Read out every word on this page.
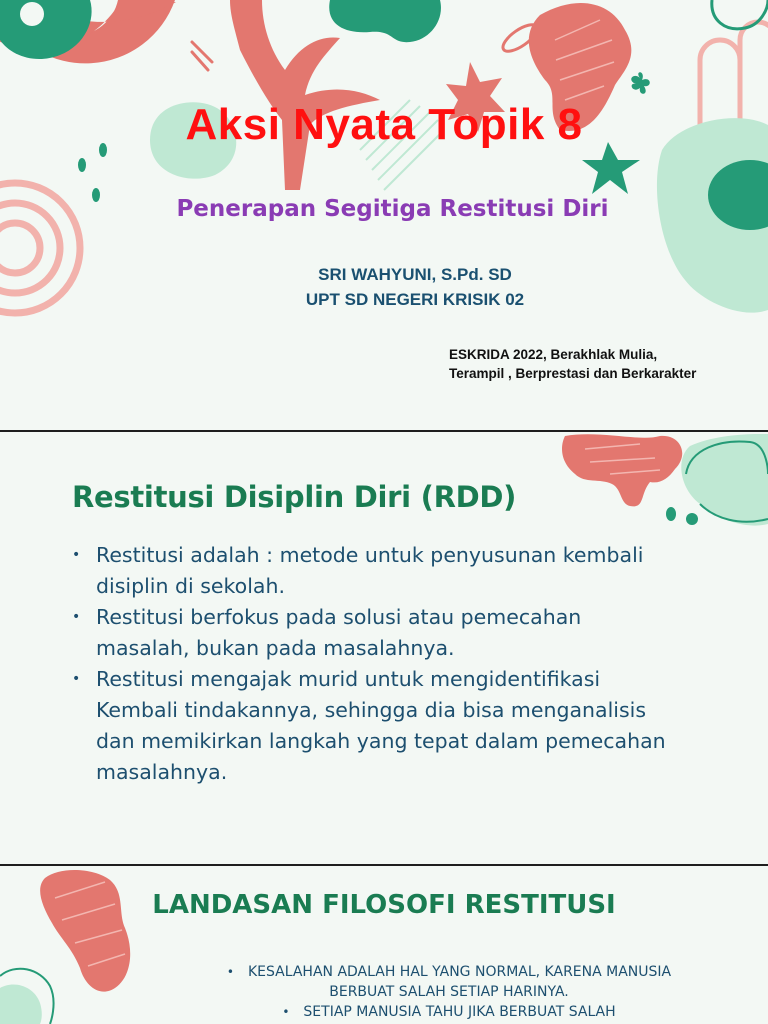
Aksi Nyata Topik 8
Penerapan Segitiga Restitusi Diri

SRI WAHYUNI, S.Pd. SD

UPT SD NEGERI KRISIK 02

ESKRIDA 2022, Berakhlak Mulia,
Terampil , Berprestasi dan Berkarakter
Restitusi Disiplin Diri (RDD)
• Restitusi adalah : metode untuk penyusunan kembali
disiplin di sekolah.
• Restitusi berfokus pada solusi atau pemecahan
masalah, bukan pada masalahnya.
• Restitusi mengajak murid untuk mengidentifikasi
Kembali tindakannya, sehingga dia bisa menganalisis
dan memikirkan langkah yang tepat dalam pemecahan
masalahnya.
LANDASAN FILOSOFI RESTITUSI
• KESALAHAN ADALAH HAL YANG NORMAL, KARENA MANUSIA
BERBUAT SALAH SETIAP HARINYA.
• SETIAP MANUSIA TAHU JIKA BERBUAT SALAH
